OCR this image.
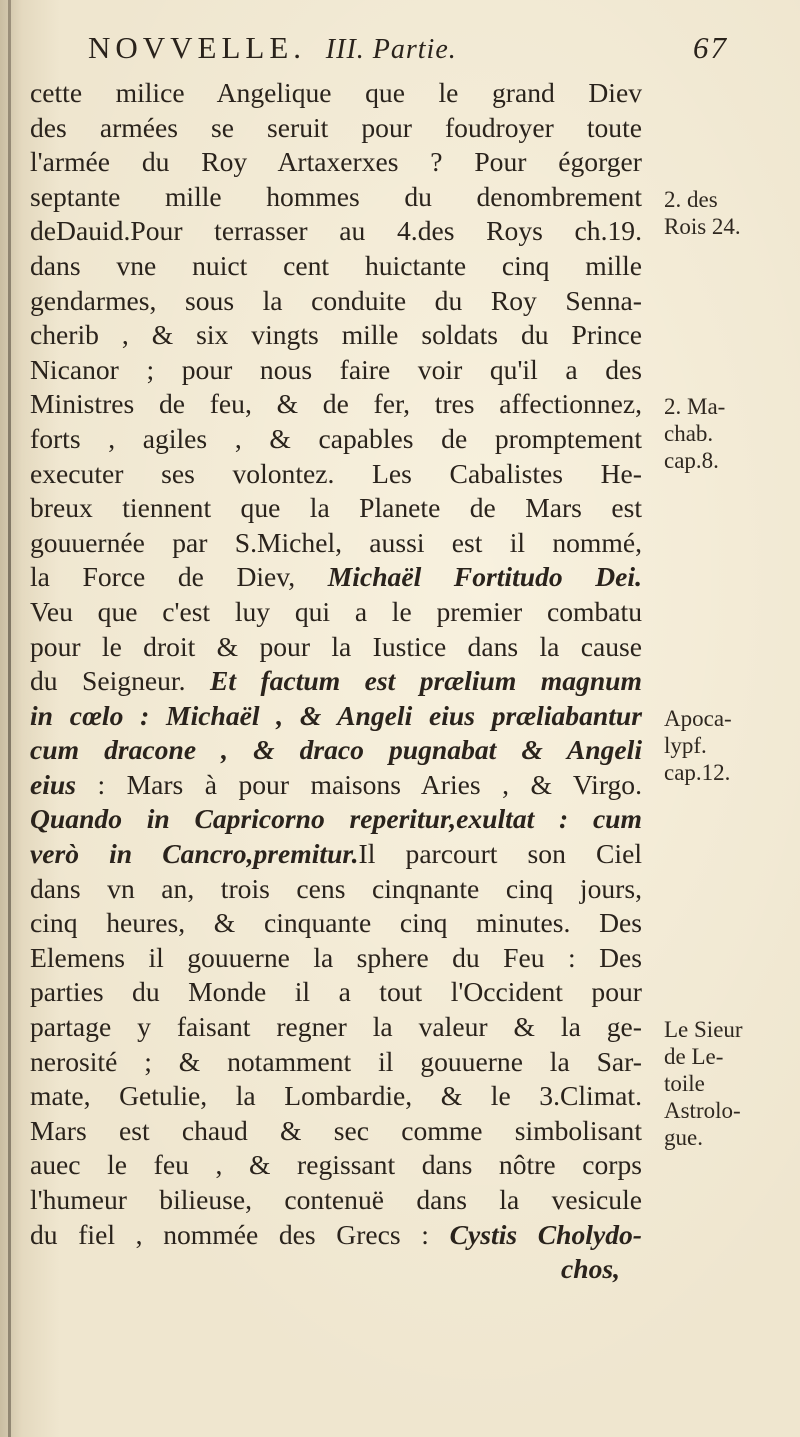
NOVVELLE. III. Partie.	67
cette milice Angelique que le grand Diev
des armées se seruit pour foudroyer toute
l'armée du Roy Artaxerxes ? Pour égorger
septante mille hommes du denombrement
deDauid.Pour terrasser au 4.des Roys ch.19.
dans vne nuict cent huictante cinq mille
gendarmes, sous la conduite du Roy Senna-
cherib , & six vingts mille soldats du Prince
Nicanor ; pour nous faire voir qu'il a des
Ministres de feu, & de fer, tres affectionnez,
forts , agiles , & capables de promptement
executer ses volontez. Les Cabalistes He-
breux tiennent que la Planete de Mars est
gouuernée par S.Michel, aussi est il nommé,
la Force de Diev, Michaël Fortitudo Dei.
Veu que c'est luy qui a le premier combatu
pour le droit & pour la Iustice dans la cause
du Seigneur. Et factum est prælium magnum
in cœlo : Michaël , & Angeli eius præliabantur
cum dracone , & draco pugnabat & Angeli
eius : Mars à pour maisons Aries , & Virgo.
Quando in Capricorno reperitur,exultat : cum
verò in Cancro,premitur.Il parcourt son Ciel
dans vn an, trois cens cinqnante cinq jours,
cinq heures, & cinquante cinq minutes. Des
Elemens il gouuerne la sphere du Feu : Des
parties du Monde il a tout l'Occident pour
partage y faisant regner la valeur & la ge-
nerosité ; & notamment il gouuerne la Sar-
mate, Getulie, la Lombardie, & le 3.Climat.
Mars est chaud & sec comme simbolisant
auec le feu , & regissant dans nôtre corps
l'humeur bilieuse, contenuë dans la vesicule
du fiel , nommée des Grecs : Cystis Cholydo-
chos,
2. des
Rois 24.
2. Ma-
chab.
cap.8.
Apoca-
lypf.
cap.12.
Le Sieur
de Le-
toile
Astrolo-
gue.
